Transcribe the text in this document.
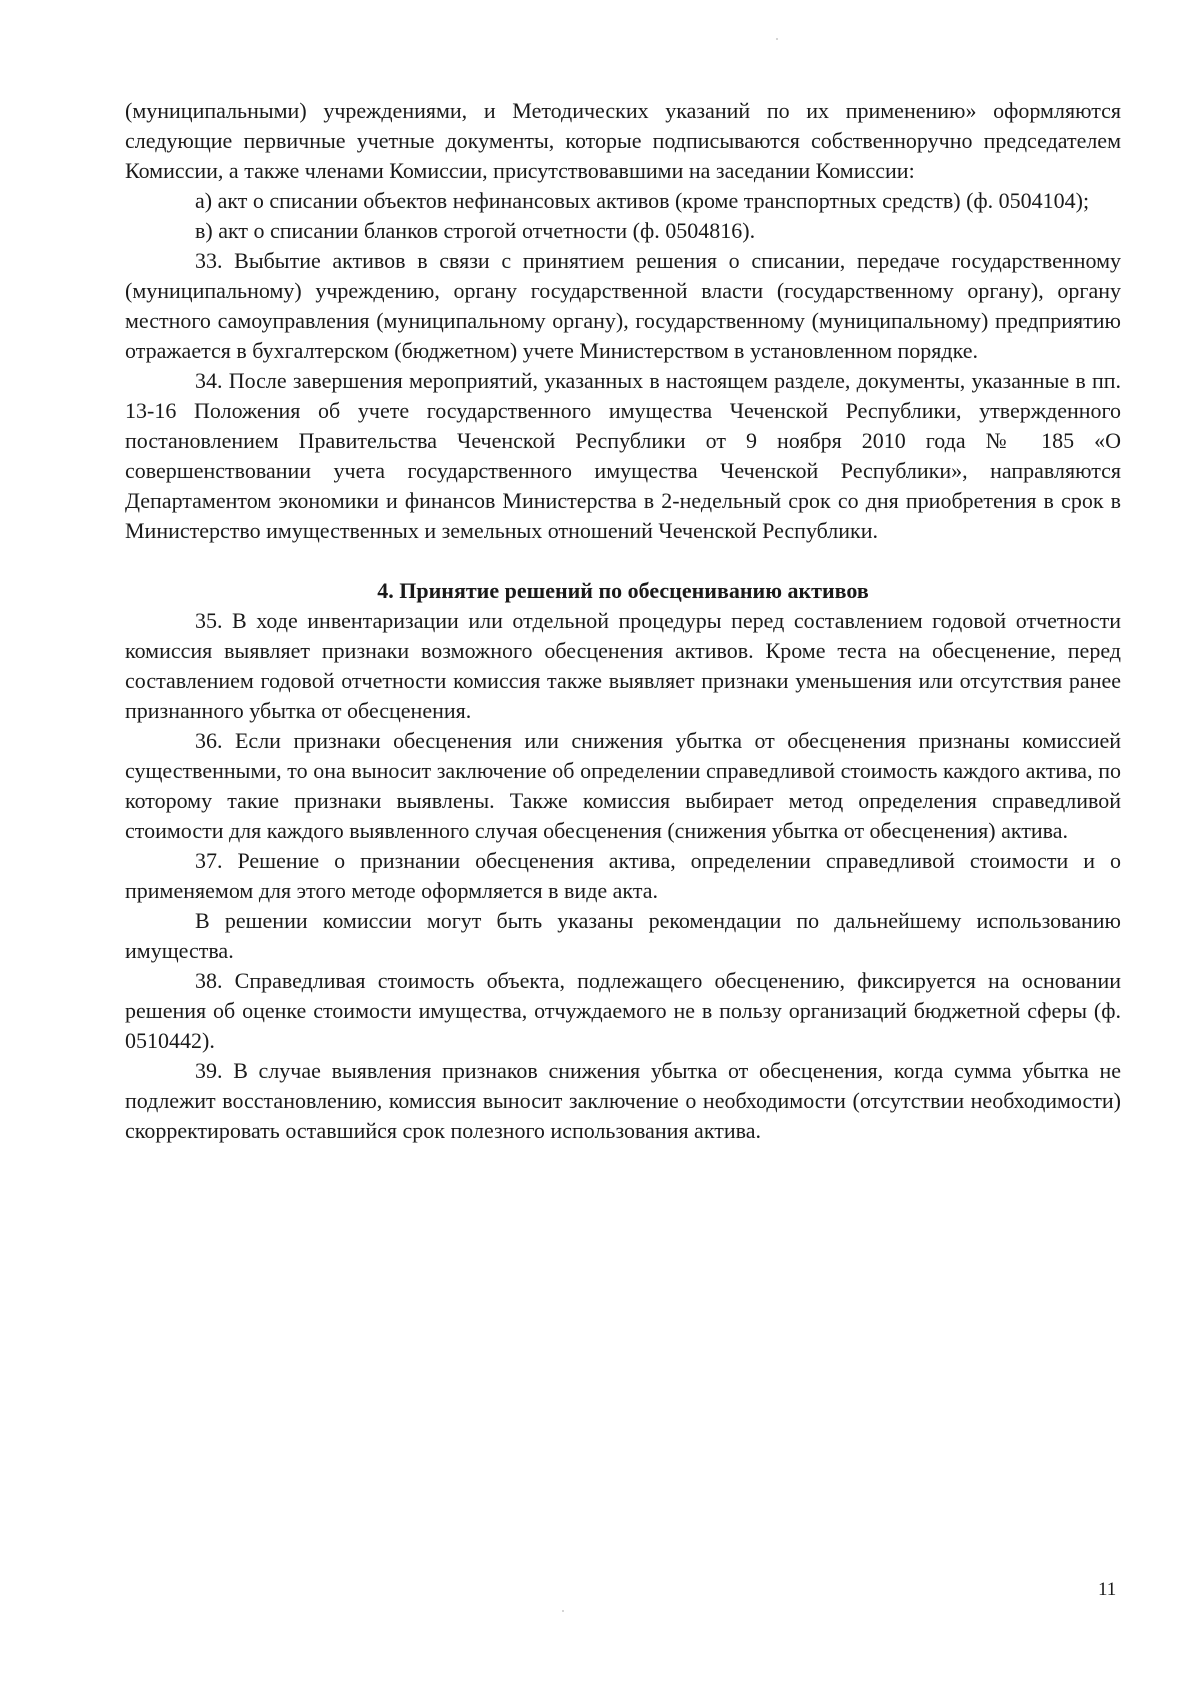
(муниципальными) учреждениями, и Методических указаний по их применению» оформляются следующие первичные учетные документы, которые подписываются собственноручно председателем Комиссии, а также членами Комиссии, присутствовавшими на заседании Комиссии:

а) акт о списании объектов нефинансовых активов (кроме транспортных средств) (ф. 0504104);

в) акт о списании бланков строгой отчетности (ф. 0504816).

33. Выбытие активов в связи с принятием решения о списании, передаче государственному (муниципальному) учреждению, органу государственной власти (государственному органу), органу местного самоуправления (муниципальному органу), государственному (муниципальному) предприятию отражается в бухгалтерском (бюджетном) учете Министерством в установленном порядке.

34. После завершения мероприятий, указанных в настоящем разделе, документы, указанные в пп. 13-16 Положения об учете государственного имущества Чеченской Республики, утвержденного постановлением Правительства Чеченской Республики от 9 ноября 2010 года № 185 «О совершенствовании учета государственного имущества Чеченской Республики», направляются Департаментом экономики и финансов Министерства в 2-недельный срок со дня приобретения в срок в Министерство имущественных и земельных отношений Чеченской Республики.

4. Принятие решений по обесцениванию активов

35. В ходе инвентаризации или отдельной процедуры перед составлением годовой отчетности комиссия выявляет признаки возможного обесценения активов. Кроме теста на обесценение, перед составлением годовой отчетности комиссия также выявляет признаки уменьшения или отсутствия ранее признанного убытка от обесценения.

36. Если признаки обесценения или снижения убытка от обесценения признаны комиссией существенными, то она выносит заключение об определении справедливой стоимость каждого актива, по которому такие признаки выявлены. Также комиссия выбирает метод определения справедливой стоимости для каждого выявленного случая обесценения (снижения убытка от обесценения) актива.

37. Решение о признании обесценения актива, определении справедливой стоимости и о применяемом для этого методе оформляется в виде акта.

В решении комиссии могут быть указаны рекомендации по дальнейшему использованию имущества.

38. Справедливая стоимость объекта, подлежащего обесценению, фиксируется на основании решения об оценке стоимости имущества, отчуждаемого не в пользу организаций бюджетной сферы (ф. 0510442).

39. В случае выявления признаков снижения убытка от обесценения, когда сумма убытка не подлежит восстановлению, комиссия выносит заключение о необходимости (отсутствии необходимости) скорректировать оставшийся срок полезного использования актива.

11
